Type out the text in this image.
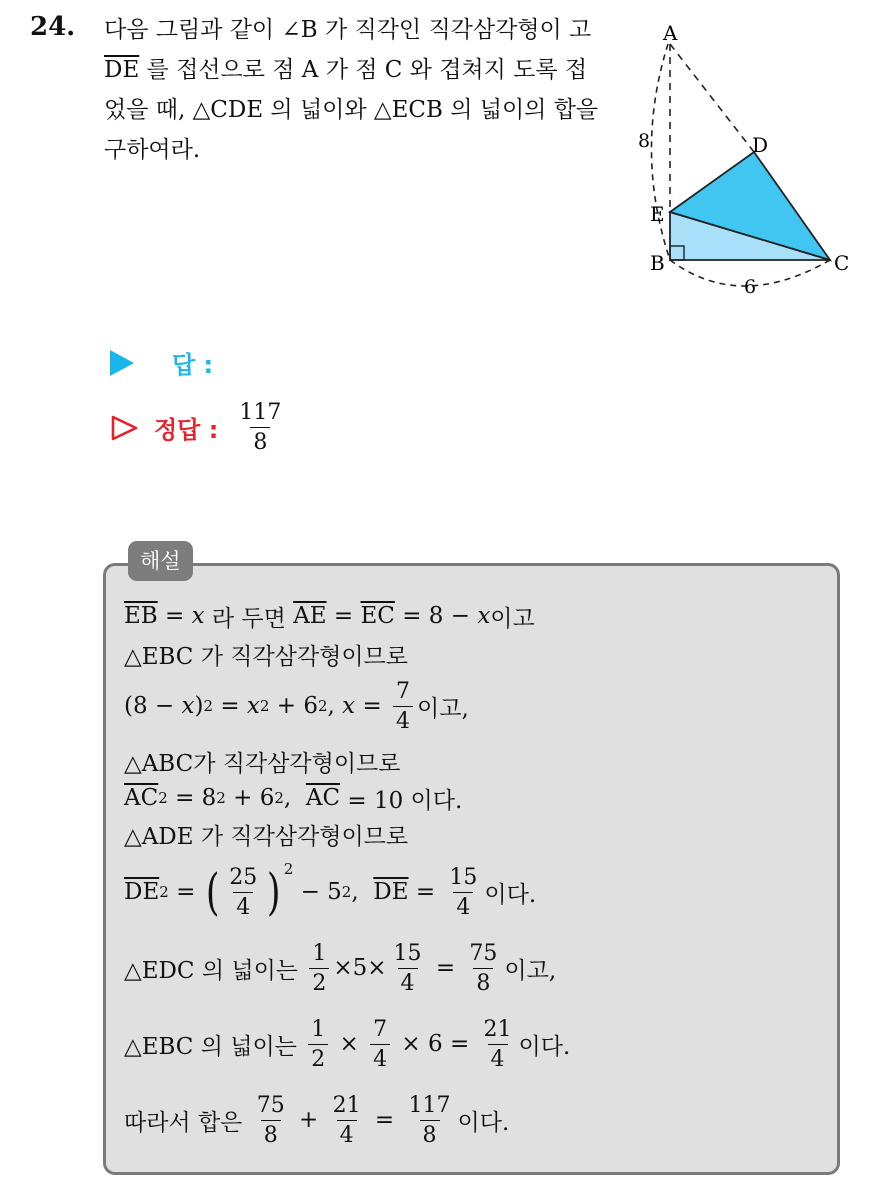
24. 다음 그림과 같이 ∠B 가 직각인 직각삼각형이 고 $\overline{DE}$ 를 접선으로 점 A 가 점 C 와 겹쳐지 도록 접었을 때, △CDE 의 넓이와 △ECB 의 넓이의 합을 구하여라.
A
D
E
B	C
8
6
답 :
정답 : $\frac{117}{8}$
해설
$\overline{EB} = x$ 라 두면 $\overline{AE} = \overline{EC} = 8 - x$ 이고
△EBC 가 직각삼각형이므로
(8 − x ) 2 = x 2 + 6 2 , $x = \frac{7}{4}$ 이고,
△ABC가 직각삼각형이므로
$\overline{AC}$ 2 = 8 2 + 6 2 , $\overline{AC} = 10$ 이다.
△ADE 가 직각삼각형이므로
$\overline{DE}$ 2 = ( $\frac{25}{4} )^2$
− 5 2 , $\overline{DE} = \frac{15}{4}$ 이다.
△EDC 의 넓이는 $\frac{1}{2} \times 5\times \frac{15}{4} = \frac{75}{8}$ 이고,
△EBC 의 넓이는 $\frac{1}{2} \times \frac{7}{4} \times 6 = \frac{21}{4}$ 이다.
따라서 합은 $\frac{75}{8} + \frac{21}{4} = \frac{117}{8}$ 이다.
